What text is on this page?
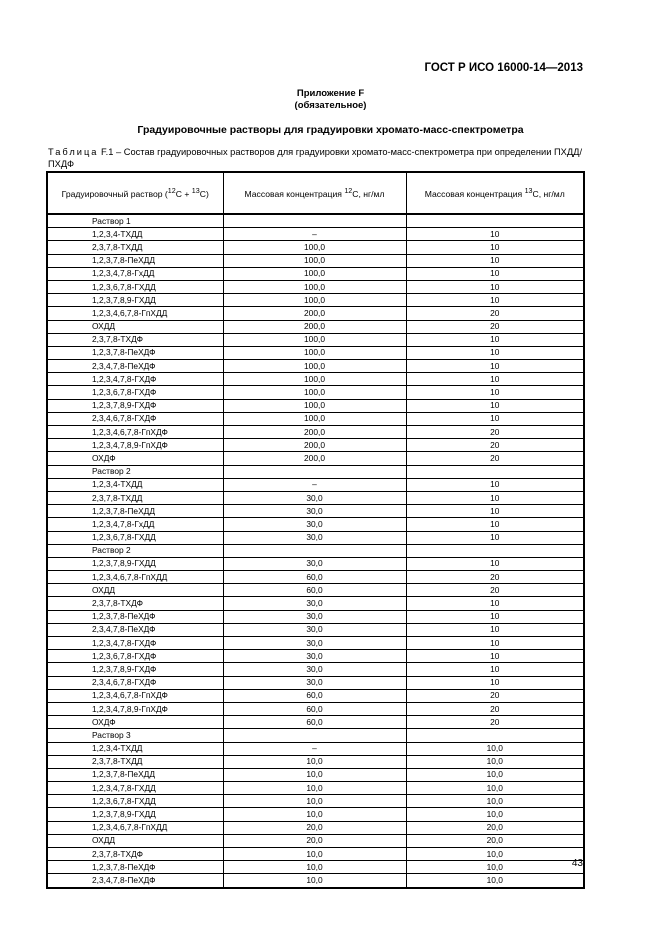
ГОСТ Р ИСО 16000-14—2013

Приложение F
(обязательное)

Градуировочные растворы для градуировки хромато-масс-спектрометра

Таблица F.1 – Состав градуировочных растворов для градуировки хромато-масс-спектрометра при определении ПХДД/ПХДФ
Градуировочный раствор ($^{12}$С + $^{13}$С)	Массовая концентрация $^{12}$С, нг/мл	Массовая концентрация $^{13}$С, нг/мл
Раствор 1		
1,2,3,4-ТХДД	–	10
2,3,7,8-ТХДД	100,0	10
1,2,3,7,8-ПеХДД	100,0	10
1,2,3,4,7,8-ГхДД	100,0	10
1,2,3,6,7,8-ГХДД	100,0	10
1,2,3,7,8,9-ГХДД	100,0	10
1,2,3,4,6,7,8-ГпХДД	200,0	20
ОХДД	200,0	20
2,3,7,8-ТХДФ	100,0	10
1,2,3,7,8-ПеХДФ	100,0	10
2,3,4,7,8-ПеХДФ	100,0	10
1,2,3,4,7,8-ГХДФ	100,0	10
1,2,3,6,7,8-ГХДФ	100,0	10
1,2,3,7,8,9-ГХДФ	100,0	10
2,3,4,6,7,8-ГХДФ	100,0	10
1,2,3,4,6,7,8-ГпХДФ	200,0	20
1,2,3,4,7,8,9-ГпХДФ	200,0	20
ОХДФ	200,0	20
Раствор 2		
1,2,3,4-ТХДД	–	10
2,3,7,8-ТХДД	30,0	10
1,2,3,7,8-ПеХДД	30,0	10
1,2,3,4,7,8-ГхДД	30,0	10
1,2,3,6,7,8-ГХДД	30,0	10
Раствор 2		
1,2,3,7,8,9-ГХДД	30,0	10
1,2,3,4,6,7,8-ГпХДД	60,0	20
ОХДД	60,0	20
2,3,7,8-ТХДФ	30,0	10
1,2,3,7,8-ПеХДФ	30,0	10
2,3,4,7,8-ПеХДФ	30,0	10
1,2,3,4,7,8-ГХДФ	30,0	10
1,2,3,6,7,8-ГХДФ	30,0	10
1,2,3,7,8,9-ГХДФ	30,0	10
2,3,4,6,7,8-ГХДФ	30,0	10
1,2,3,4,6,7,8-ГпХДФ	60,0	20
1,2,3,4,7,8,9-ГпХДФ	60,0	20
ОХДФ	60,0	20
Раствор 3		
1,2,3,4-ТХДД	–	10,0
2,3,7,8-ТХДД	10,0	10,0
1,2,3,7,8-ПеХДД	10,0	10,0
1,2,3,4,7,8-ГХДД	10,0	10,0
1,2,3,6,7,8-ГХДД	10,0	10,0
1,2,3,7,8,9-ГХДД	10,0	10,0
1,2,3,4,6,7,8-ГпХДД	20,0	20,0
ОХДД	20,0	20,0
2,3,7,8-ТХДФ	10,0	10,0
1,2,3,7,8-ПеХДФ	10,0	10,0
2,3,4,7,8-ПеХДФ	10,0	10,0
43
